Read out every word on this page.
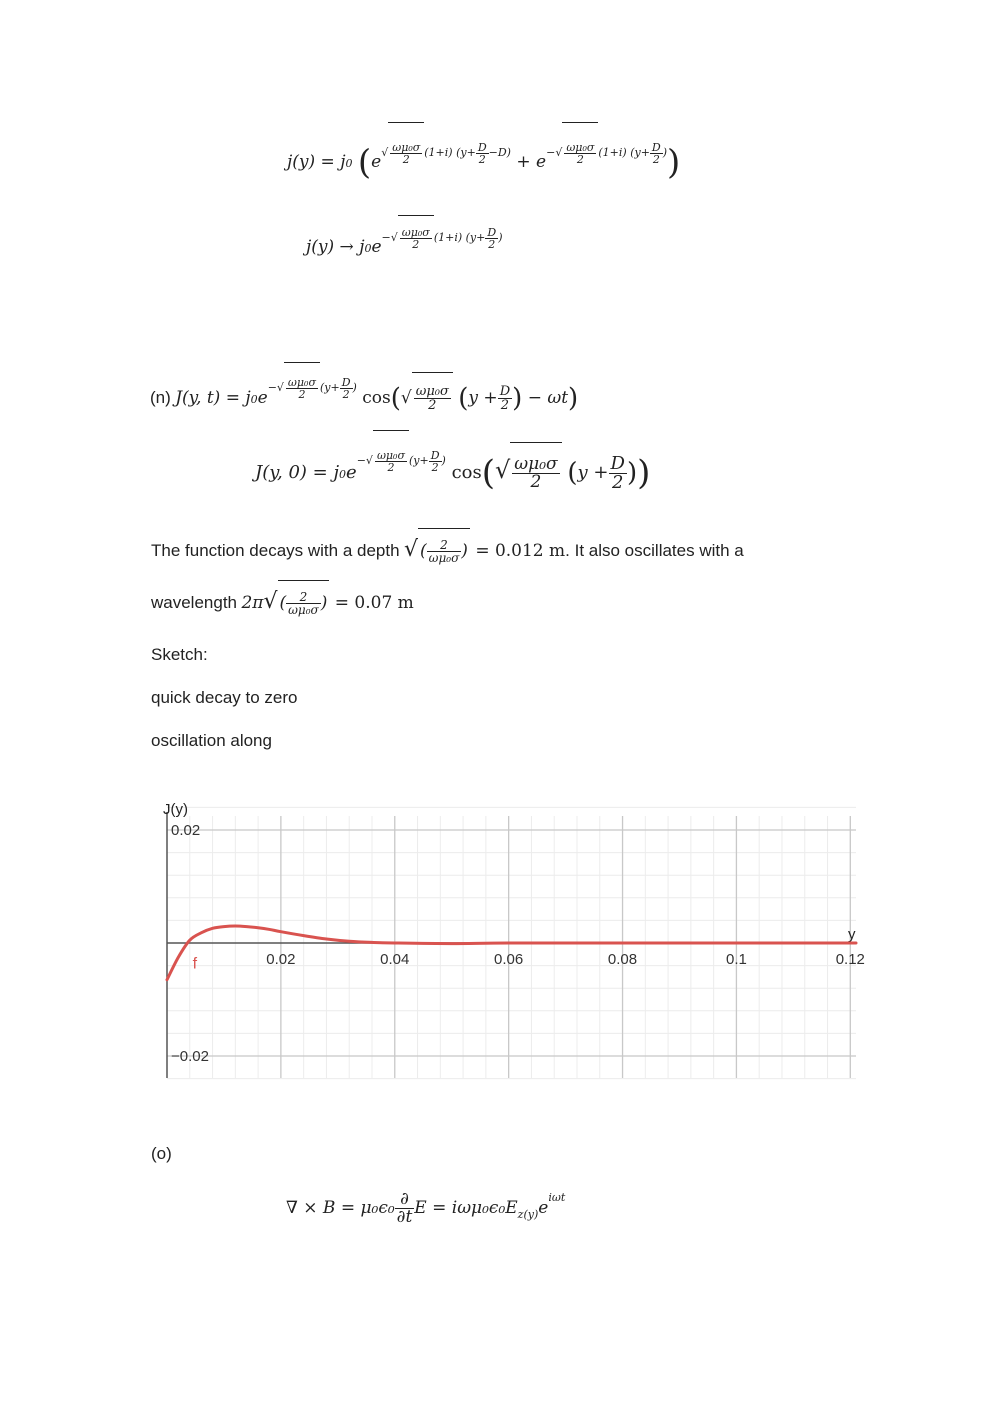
j(y) = j0 $(e^{√ \frac{\text{ωμ₀σ}}{2} (1+i) (y+ \frac{D}{2} -D)} + e^{-√ \frac{\text{ωμ₀σ}}{2} (1+i) (y+ \frac{D}{2} )})$
$j(y) \to j0e^{-√ \frac{\text{ωμ₀σ}}{2} (1+i) (y+ \frac{D}{2} )}$
(n) J(y, $t) = j0e^{-√ \frac{\text{ωμ₀σ}}{2} (y+ \frac{D}{2} )}$ $\cos(√ \frac{\text{ωμ₀σ}}{2} (y + \frac{D}{2}$ ) − ωt)
J(y, $0) = j0e^{-√ \frac{\text{ωμ₀σ}}{2} (y+ \frac{D}{2} )}$ $\cos(√ \frac{\text{ωμ₀σ}}{2} (y + \frac{D}{2}$ ))
The function decays with a depth √ ( $\frac{2}{\text{ωμ₀σ}}$ ) = 0.012 m. It also oscillates with a
wavelength 2π√ ( $\frac{2}{\text{ωμ₀σ}}$ ) = 0.07 m
Sketch:
quick decay to zero
oscillation along
0.02	0.04	0.06	0.08	0.1	0.12
0.02
−0.02
J(y)
y
f
(o)
∇ × $B = \mu_0\epsilon_0 \frac{\partial}{\partial t}$ $E = i\omega\mu_0\epsilon_0E_{z(y)}e^{i\omega t}$
